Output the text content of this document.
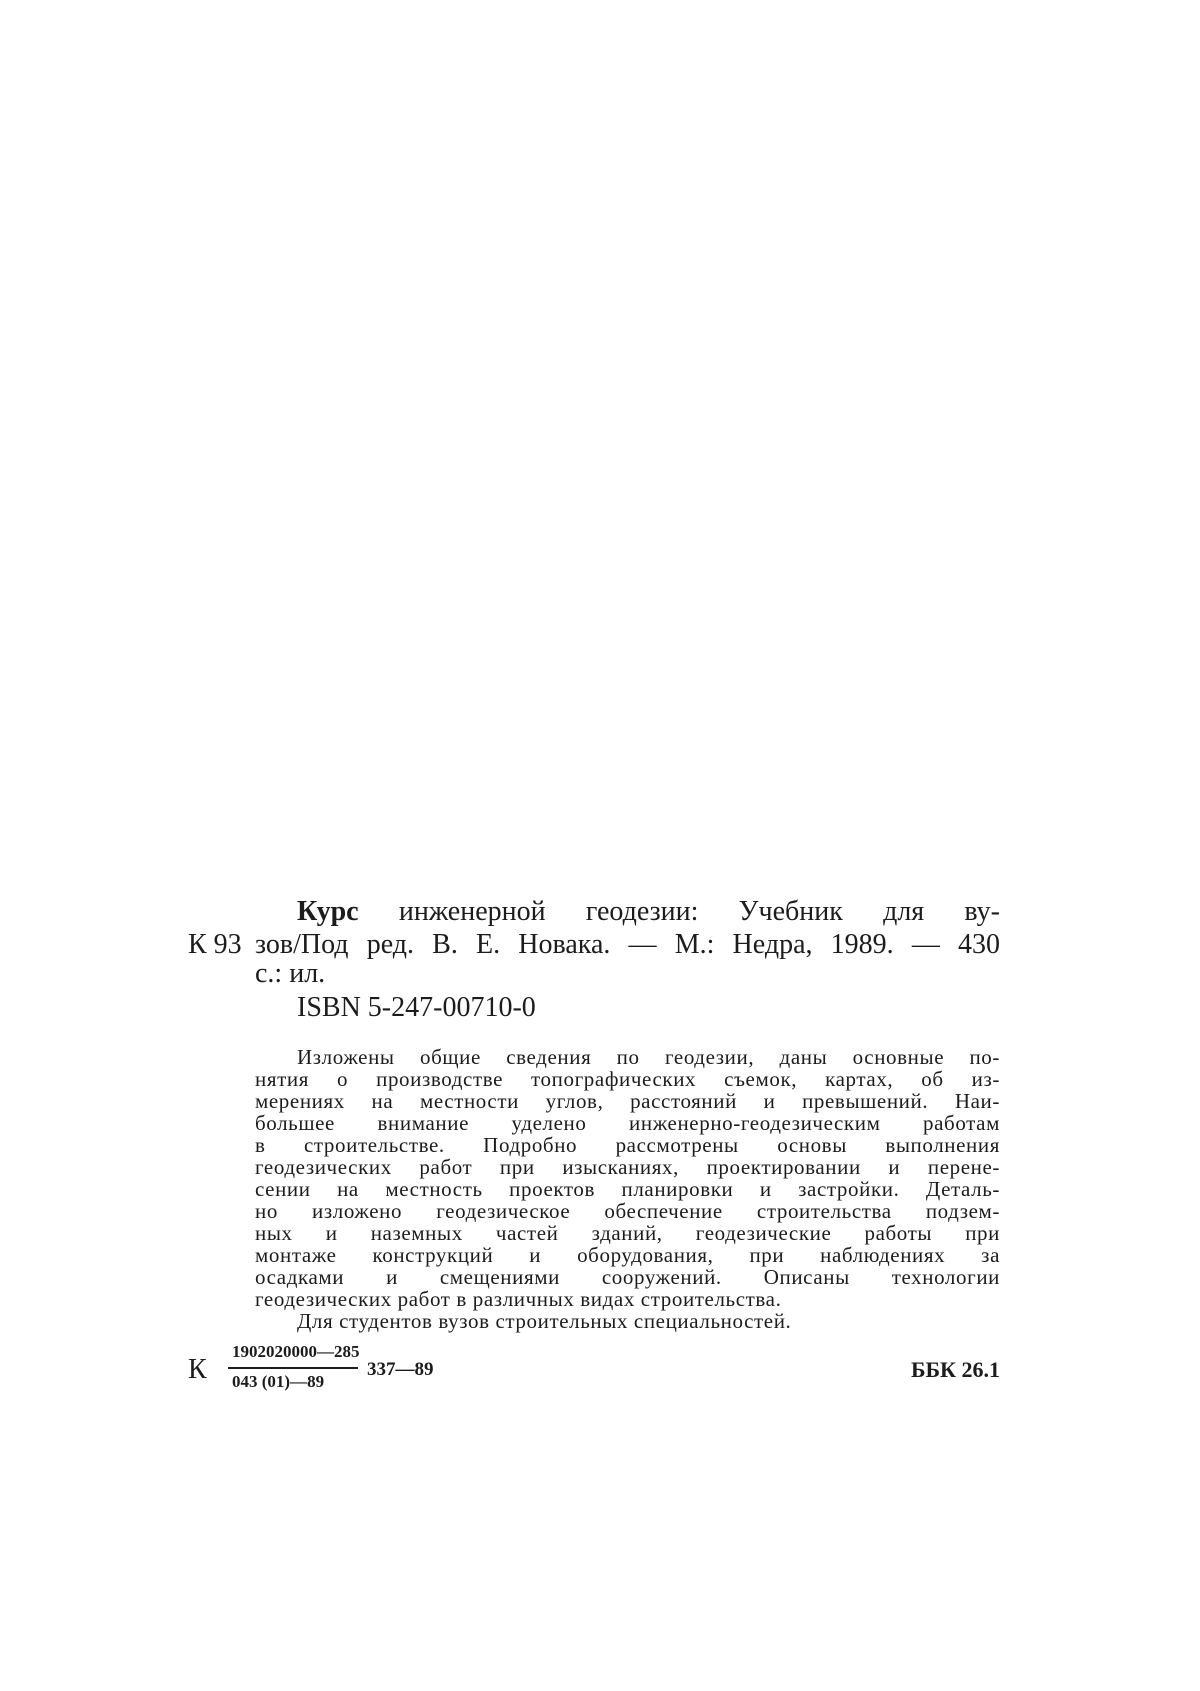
Курс инженерной геодезии: Учебник для ву-
К 93 зов/Под ред. В. Е. Новака. — М.: Недра, 1989. — 430
с.: ил.
ISBN 5-247-00710-0
Изложены общие сведения по геодезии, даны основные по-
нятия о производстве топографических съемок, картах, об из-
мерениях на местности углов, расстояний и превышений. Наи-
большее внимание уделено инженерно-геодезическим работам
в строительстве. Подробно рассмотрены основы выполнения
геодезических работ при изысканиях, проектировании и перене-
сении на местность проектов планировки и застройки. Деталь-
но изложено геодезическое обеспечение строительства подзем-
ных и наземных частей зданий, геодезические работы при
монтаже конструкций и оборудования, при наблюдениях за
осадками и смещениями сооружений. Описаны технологии
геодезических работ в различных видах строительства.
Для студентов вузов строительных специальностей.
К
1902020000—285
043 (01)—89
337—89	ББК 26.1
